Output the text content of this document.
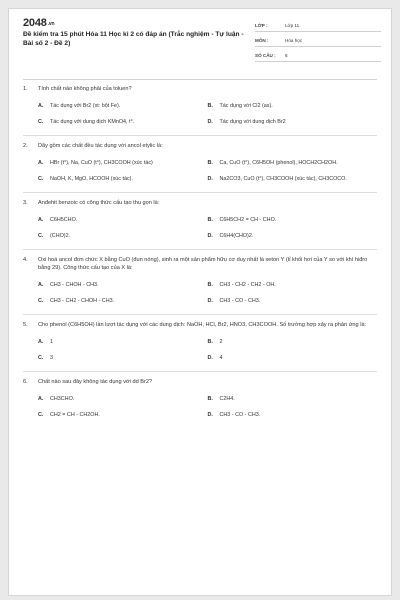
2048.vn
Đề kiểm tra 15 phút Hóa 11 Học kì 2 có đáp án (Trắc nghiệm - Tự luận - Bài số 2 - Đề 2)
LỚP :	Lớp 11
MÔN :	Hóa học
SỐ CÂU :	6
1.	Tính chất nào không phải của toluen?
A.	Tác dụng với Br2 (xt: bột Fe).	B.	Tác dụng với Cl2 (as).
C.	Tác dụng với dung dịch KMnO4, t°.	D.	Tác dụng với dung dịch Br2
2.	Dãy gồm các chất đều tác dụng với ancol etylic là:
A.	HBr (t°), Na, CuO (t°), CH3COOH (xúc tác)	B.	Ca, CuO (t°), C6H5OH (phenol), HOCH2CH2OH.
C.	NaOH, K, MgO, HCOOH (xúc tác).	D.	Na2CO3, CuO (t°), CH3COOH (xúc tác), CH3COCO.
3.	Anđehit benzoic có công thức cấu tạo thu gọn là:
A.	C6H5CHO.	B.	C6H5CH2 = CH - CHO.
C.	(CHO)2.	D.	C6H4(CHO)2.
4.	Oxi hoá ancol đơn chức X bằng CuO (đun nóng), sinh ra một sản phẩm hữu cơ duy nhất là xeton Y (tỉ khối hơi của Y so với khí hiđro bằng 29). Công thức cấu tạo của X là:
A.	CH3 - CHOH - CH3.	B.	CH3 - CH2 - CH2 - OH.
C.	CH3 - CH2 - CHOH - CH3.	D.	CH3 - CO - CH3.
5.	Cho phenol (C6H5OH) lần lượt tác dụng với các dung dịch: NaOH, HCl, Br2, HNO3, CH3COOH. Số trường hợp xảy ra phản ứng là:
A.	1	B.	2
C.	3	D.	4
6.	Chất nào sau đây không tác dụng với dd Br2?
A.	CH3CHO.	B.	C2H4.
C.	CH2 = CH - CH2OH.	D.	CH3 - CO - CH3.
